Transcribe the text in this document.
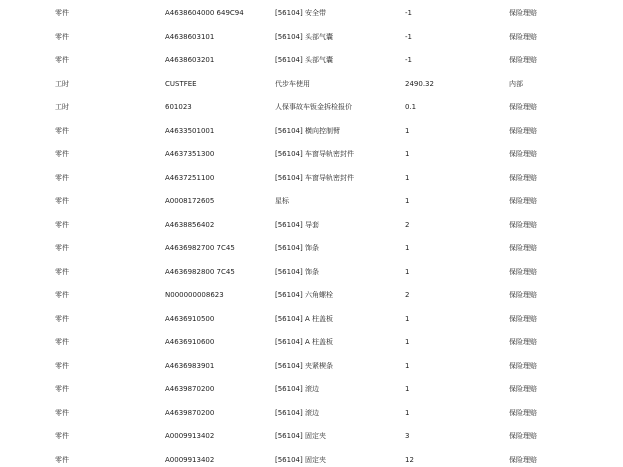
零件	A4638604000 649C94	[56104] 安全带	-1	保险理赔
零件	A4638603101	[56104] 头部气囊	-1	保险理赔
零件	A4638603201	[56104] 头部气囊	-1	保险理赔
工时	CUSTFEE	代步车使用	2490.32	内部
工时	601023	人保事故车钣金拆检报价	0.1	保险理赔
零件	A4633501001	[56104] 横向控制臂	1	保险理赔
零件	A4637351300	[56104] 车窗导轨密封件	1	保险理赔
零件	A4637251100	[56104] 车窗导轨密封件	1	保险理赔
零件	A0008172605	星标	1	保险理赔
零件	A4638856402	[56104] 导套	2	保险理赔
零件	A4636982700 7C45	[56104] 饰条	1	保险理赔
零件	A4636982800 7C45	[56104] 饰条	1	保险理赔
零件	N000000008623	[56104] 六角螺栓	2	保险理赔
零件	A4636910500	[56104] A 柱盖板	1	保险理赔
零件	A4636910600	[56104] A 柱盖板	1	保险理赔
零件	A4636983901	[56104] 夹紧楔条	1	保险理赔
零件	A4639870200	[56104] 滚边	1	保险理赔
零件	A4639870200	[56104] 滚边	1	保险理赔
零件	A0009913402	[56104] 固定夹	3	保险理赔
零件	A0009913402	[56104] 固定夹	12	保险理赔
